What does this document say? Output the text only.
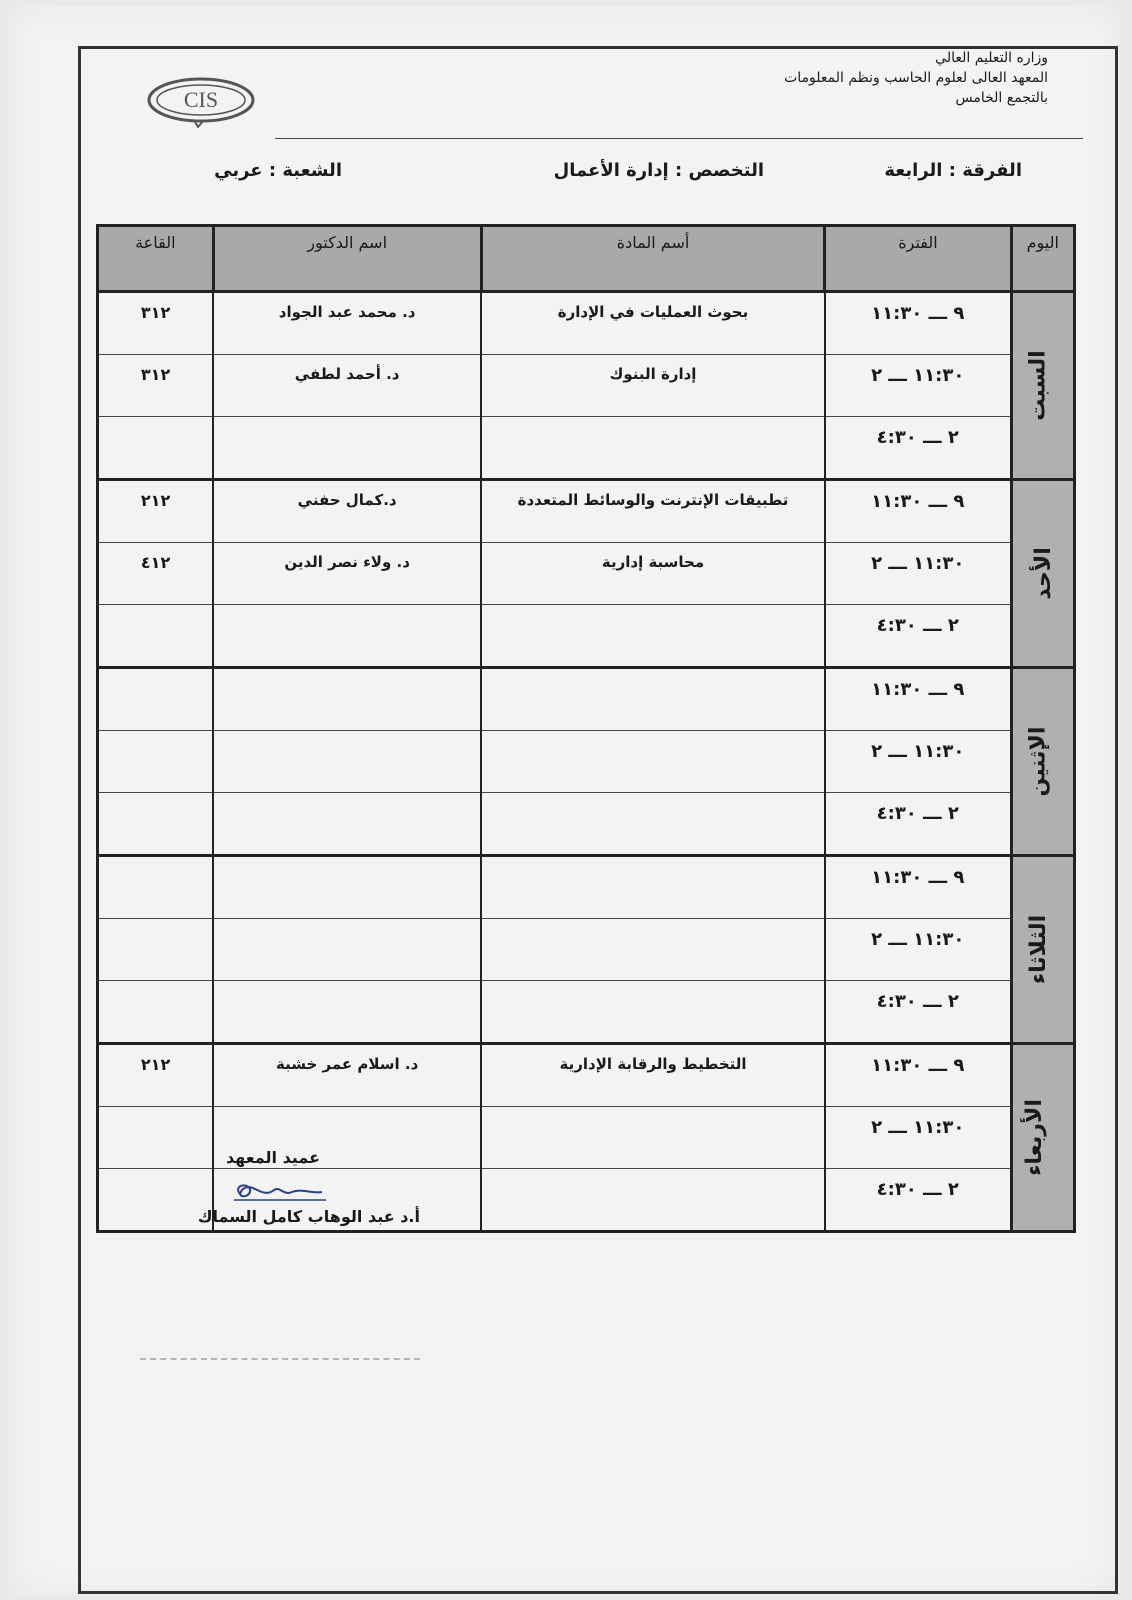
CIS
وزاره التعليم العالي
المعهد العالى لعلوم الحاسب ونظم المعلومات
بالتجمع الخامس
الفرقة : الرابعة
التخصص : إدارة الأعمال
الشعبة : عربي
اليوم	الفترة	أسم المادة	اسم الدكتور	القاعة
السبت	٩ ـــ ١١:٣٠	بحوث العمليات في الإدارة	د. محمد عبد الجواد	٣١٢
	١١:٣٠ ـــ ٢	إدارة البنوك	د. أحمد لطفي	٣١٢
	٢ ـــ ٤:٣٠			
الأحد	٩ ـــ ١١:٣٠	تطبيقات الإنترنت والوسائط المتعددة	د.كمال حفني	٢١٢
	١١:٣٠ ـــ ٢	محاسبة إدارية	د. ولاء نصر الدين	٤١٢
	٢ ـــ ٤:٣٠			
الإثنين	٩ ـــ ١١:٣٠			
	١١:٣٠ ـــ ٢			
	٢ ـــ ٤:٣٠			
الثلاثاء	٩ ـــ ١١:٣٠			
	١١:٣٠ ـــ ٢			
	٢ ـــ ٤:٣٠			
الأربعاء	٩ ـــ ١١:٣٠	التخطيط والرقابة الإدارية	د. اسلام عمر خشبة	٢١٢
	١١:٣٠ ـــ ٢			
	٢ ـــ ٤:٣٠			
عميد المعهد
أ.د عبد الوهاب كامل السماك
